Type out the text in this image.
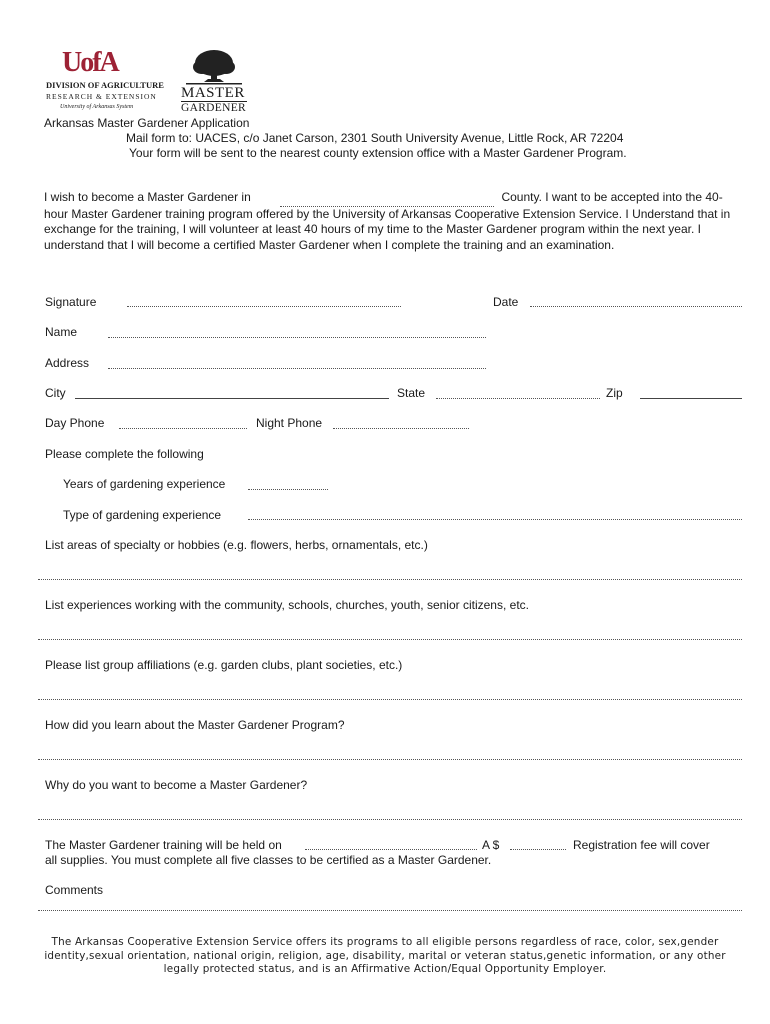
UofA
DIVISION OF AGRICULTURE
RESEARCH & EXTENSION
University of Arkansas System
MASTER
GARDENER
Arkansas Master Gardener Application
Mail form to: UACES, c/o Janet Carson, 2301 South University Avenue, Little Rock, AR 72204
Your form will be sent to the nearest county extension office with a Master Gardener Program.
I wish to become a Master Gardener in	County. I want to be accepted into the 40-hour Master Gardener training program offered by the University of Arkansas Cooperative Extension Service. I Understand that in exchange for the training, I will volunteer at least 40 hours of my time to the Master Gardener program within the next year. I understand that I will become a certified Master Gardener when I complete the training and an examination.
Signature	Date
Name
Address
City	State	Zip
Day Phone	Night Phone
Please complete the following
Years of gardening experience
Type of gardening experience
List areas of specialty or hobbies (e.g. flowers, herbs, ornamentals, etc.)
List experiences working with the community, schools, churches, youth, senior citizens, etc.
Please list group affiliations (e.g. garden clubs, plant societies, etc.)
How did you learn about the Master Gardener Program?
Why do you want to become a Master Gardener?
The Master Gardener training will be held on	A $	Registration fee will cover
all supplies. You must complete all five classes to be certified as a Master Gardener.
Comments
The Arkansas Cooperative Extension Service offers its programs to all eligible persons regardless of race, color, sex,gender identity,sexual orientation, national origin, religion, age, disability, marital or veteran status,genetic information, or any other legally protected status, and is an Affirmative Action/Equal Opportunity Employer.
